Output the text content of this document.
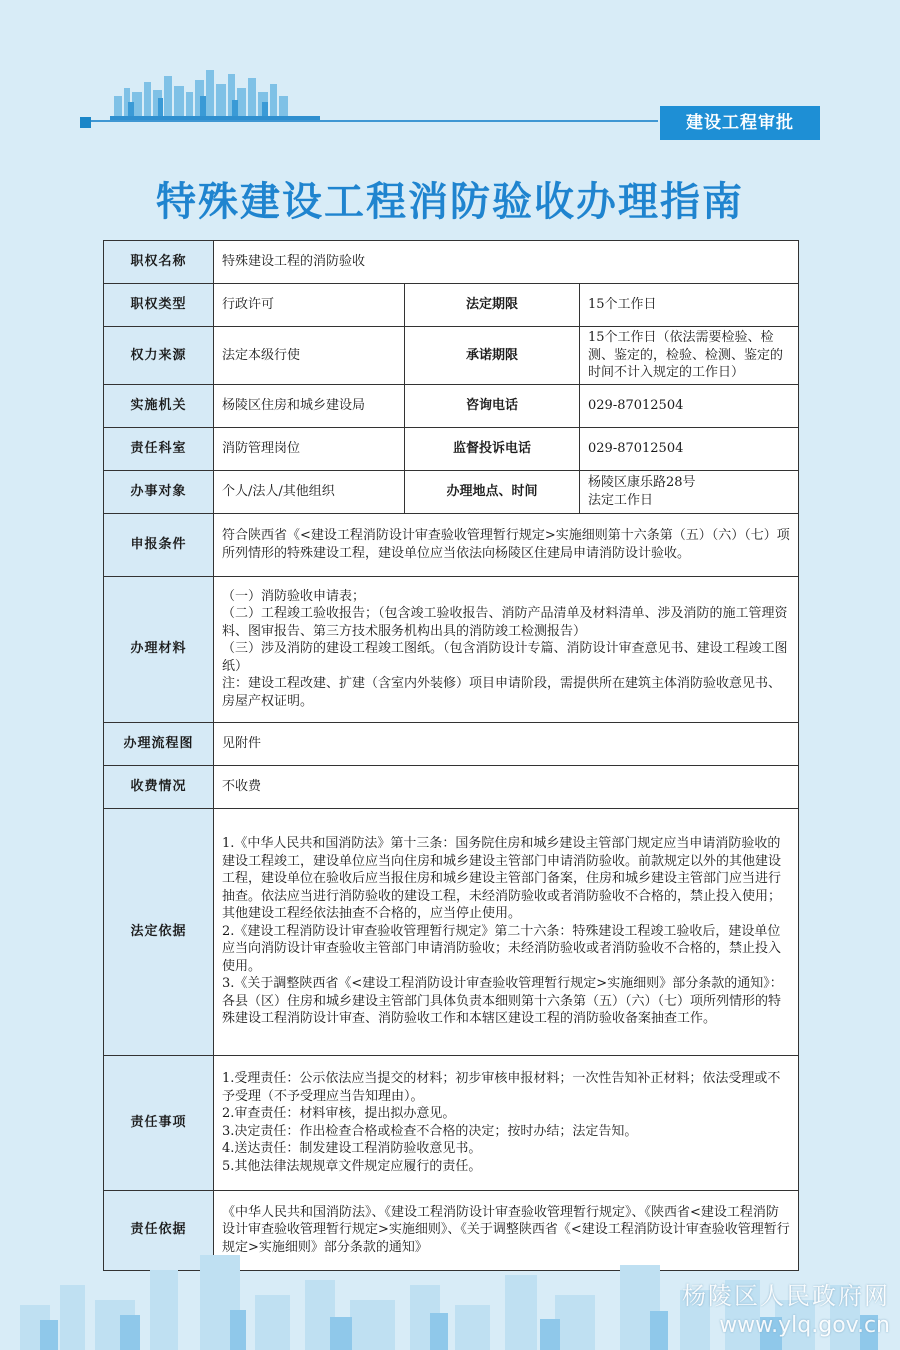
建设工程审批
特殊建设工程消防验收办理指南
职权名称	特殊建设工程的消防验收		
职权类型	行政许可	法定期限	15个工作日
权力来源	法定本级行使	承诺期限	15个工作日（依法需要检验、检测、鉴定的，检验、检测、鉴定的时间不计入规定的工作日）
实施机关	杨陵区住房和城乡建设局	咨询电话	029-87012504
责任科室	消防管理岗位	监督投诉电话	029-87012504
办事对象	个人/法人/其他组织	办理地点、时间	杨陵区康乐路28号
法定工作日

申报条件	符合陕西省《<建设工程消防设计审查验收管理暂行规定>实施细则第十六条第（五）（六）（七）项所列情形的特殊建设工程，建设单位应当依法向杨陵区住建局申请消防设计验收。		
办理材料	（一）消防验收申请表；
（二）工程竣工验收报告；（包含竣工验收报告、消防产品清单及材料清单、涉及消防的施工管理资料、图审报告、第三方技术服务机构出具的消防竣工检测报告）
（三）涉及消防的建设工程竣工图纸。（包含消防设计专篇、消防设计审查意见书、建设工程竣工图纸）
注：建设工程改建、扩建（含室内外装修）项目申请阶段，需提供所在建筑主体消防验收意见书、房屋产权证明。		

办理流程图	见附件		
收费情况	不收费		
法定依据	1.《中华人民共和国消防法》第十三条：国务院住房和城乡建设主管部门规定应当申请消防验收的建设工程竣工，建设单位应当向住房和城乡建设主管部门申请消防验收。前款规定以外的其他建设工程，建设单位在验收后应当报住房和城乡建设主管部门备案，住房和城乡建设主管部门应当进行抽查。依法应当进行消防验收的建设工程，未经消防验收或者消防验收不合格的，禁止投入使用；其他建设工程经依法抽查不合格的，应当停止使用。
2.《建设工程消防设计审查验收管理暂行规定》第二十六条：特殊建设工程竣工验收后，建设单位应当向消防设计审查验收主管部门申请消防验收；未经消防验收或者消防验收不合格的，禁止投入使用。
3.《关于調整陕西省《<建设工程消防设计审查验收管理暂行规定>实施细则》部分条款的通知》：各县（区）住房和城乡建设主管部门具体负责本细则第十六条第（五）（六）（七）项所列情形的特殊建设工程消防设计审查、消防验收工作和本辖区建设工程的消防验收备案抽查工作。		

责任事项	1.受理责任：公示依法应当提交的材料；初步审核申报材料；一次性告知补正材料；依法受理或不予受理（不予受理应当告知理由）。
2.审查责任：材料审核，提出拟办意见。
3.决定责任：作出检查合格或检查不合格的决定；按时办结；法定告知。
4.送达责任：制发建设工程消防验收意见书。
5.其他法律法规规章文件规定应履行的责任。		

责任依据	《中华人民共和国消防法》、《建设工程消防设计审查验收管理暂行规定》、《陕西省<建设工程消防设计审查验收管理暂行规定>实施细则》、《关于调整陕西省《<建设工程消防设计审查验收管理暂行规定>实施细则》部分条款的通知》		
杨陵区人民政府网
www.ylq.gov.cn
